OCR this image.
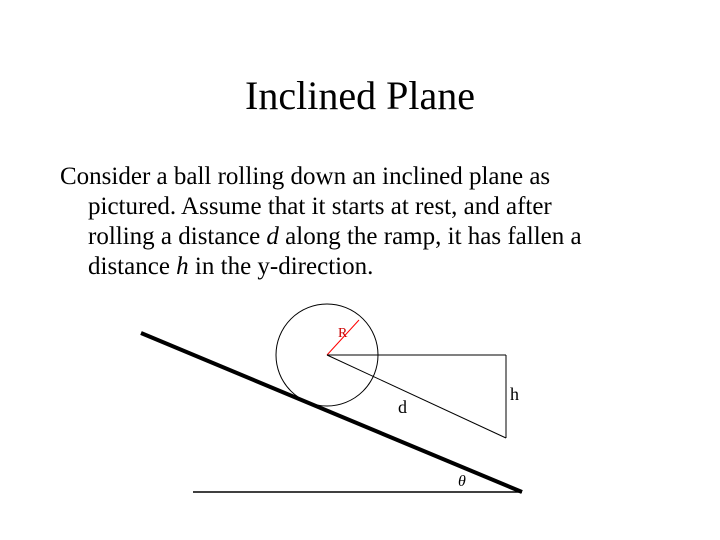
Inclined Plane
Consider a ball rolling down an inclined plane as
pictured. Assume that it starts at rest, and after
rolling a distance d along the ramp, it has fallen a
distance h in the y-direction.
R
d
h
θ
